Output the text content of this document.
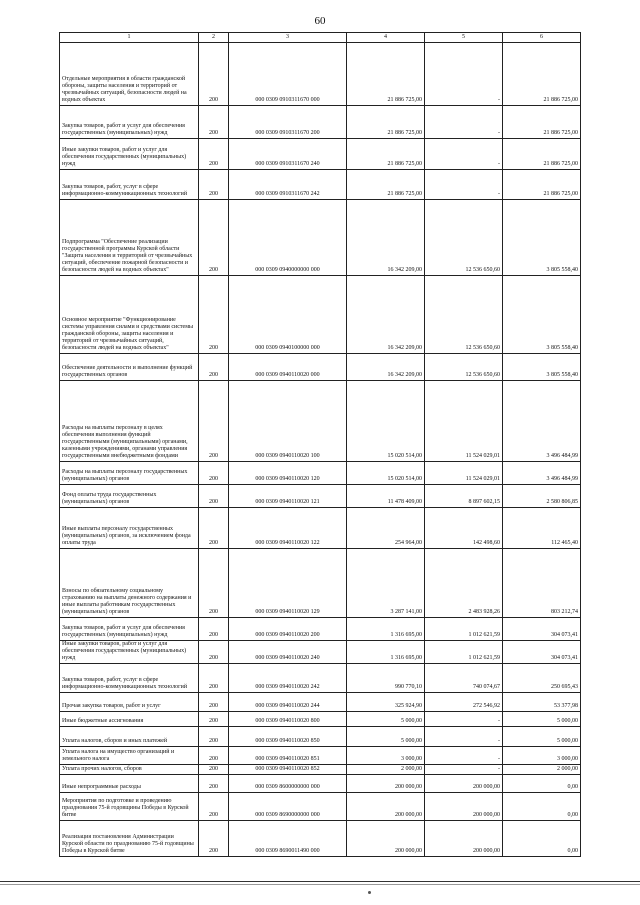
60
1	2	3	4	5	6
Отдельные мероприятия в области гражданской обороны, защиты населения и территорий от чрезвычайных ситуаций, безопасности людей на водных объектах	200	000 0309 0910311670 000	21 886 725,00	-	21 886 725,00
Закупка товаров, работ и услуг для обеспечения государственных (муниципальных) нужд	200	000 0309 0910311670 200	21 886 725,00	-	21 886 725,00
Иные закупки товаров, работ и услуг для обеспечения государственных (муниципальных) нужд	200	000 0309 0910311670 240	21 886 725,00	-	21 886 725,00
Закупка товаров, работ, услуг в сфере информационно-коммуникационных технологий	200	000 0309 0910311670 242	21 886 725,00	-	21 886 725,00
Подпрограмма "Обеспечение реализации государственной программы Курской области "Защита населения и территорий от чрезвычайных ситуаций, обеспечение пожарной безопасности и безопасности людей на водных объектах"	200	000 0309 0940000000 000	16 342 209,00	12 536 650,60	3 805 558,40
Основное мероприятие "Функционирование системы управления силами и средствами системы гражданской обороны, защиты населения и территорий от чрезвычайных ситуаций, безопасности людей на водных объектах"	200	000 0309 0940100000 000	16 342 209,00	12 536 650,60	3 805 558,40
Обеспечение деятельности и выполнение функций государственных органов	200	000 0309 0940110020 000	16 342 209,00	12 536 650,60	3 805 558,40
Расходы на выплаты персоналу в целях обеспечения выполнения функций государственными (муниципальными) органами, казенными учреждениями, органами управления государственными внебюджетными фондами	200	000 0309 0940110020 100	15 020 514,00	11 524 029,01	3 496 484,99
Расходы на выплаты персоналу государственных (муниципальных) органов	200	000 0309 0940110020 120	15 020 514,00	11 524 029,01	3 496 484,99
Фонд оплаты труда государственных (муниципальных) органов	200	000 0309 0940110020 121	11 478 409,00	8 897 602,15	2 580 806,85
Иные выплаты персоналу государственных (муниципальных) органов, за исключением фонда оплаты труда	200	000 0309 0940110020 122	254 964,00	142 498,60	112 465,40
Взносы по обязательному социальному страхованию на выплаты денежного содержания и иные выплаты работникам государственных (муниципальных) органов	200	000 0309 0940110020 129	3 287 141,00	2 483 928,26	803 212,74
Закупка товаров, работ и услуг для обеспечения государственных (муниципальных) нужд	200	000 0309 0940110020 200	1 316 695,00	1 012 621,59	304 073,41
Иные закупки товаров, работ и услуг для обеспечения государственных (муниципальных) нужд	200	000 0309 0940110020 240	1 316 695,00	1 012 621,59	304 073,41
Закупка товаров, работ, услуг в сфере информационно-коммуникационных технологий	200	000 0309 0940110020 242	990 770,10	740 074,67	250 695,43
Прочая закупка товаров, работ и услуг	200	000 0309 0940110020 244	325 924,90	272 546,92	53 377,98
Иные бюджетные ассигнования	200	000 0309 0940110020 800	5 000,00	-	5 000,00
Уплата налогов, сборов и иных платежей	200	000 0309 0940110020 850	5 000,00	-	5 000,00
Уплата налога на имущество организаций и земельного налога	200	000 0309 0940110020 851	3 000,00	-	3 000,00
Уплата прочих налогов, сборов	200	000 0309 0940110020 852	2 000,00	-	2 000,00
Иные непрограммные расходы	200	000 0309 8600000000 000	200 000,00	200 000,00	0,00
Мероприятия по подготовке и проведению празднования 75-й годовщины Победы в Курской битве	200	000 0309 8690000000 000	200 000,00	200 000,00	0,00
Реализация постановления Администрации Курской области по празднованию 75-й годовщины Победы в Курской битве	200	000 0309 8690011490 000	200 000,00	200 000,00	0,00
